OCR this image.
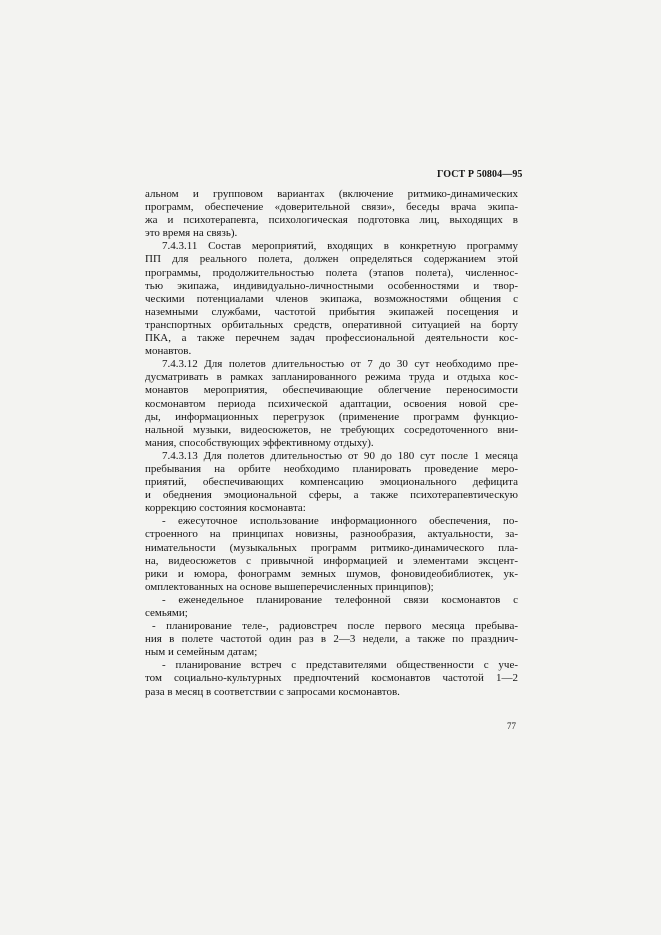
ГОСТ Р 50804—95
альном и групповом вариантах (включение ритмико-динамических
программ, обеспечение «доверительной связи», беседы врача экипа-
жа и психотерапевта, психологическая подготовка лиц, выходящих в
это время на связь).
7.4.3.11 Состав мероприятий, входящих в конкретную программу
ПП для реального полета, должен определяться содержанием этой
программы, продолжительностью полета (этапов полета), численнос-
тью экипажа, индивидуально-личностными особенностями и твор-
ческими потенциалами членов экипажа, возможностями общения с
наземными службами, частотой прибытия экипажей посещения и
транспортных орбитальных средств, оперативной ситуацией на борту
ПКА, а также перечнем задач профессиональной деятельности кос-
монавтов.
7.4.3.12 Для полетов длительностью от 7 до 30 сут необходимо пре-
дусматривать в рамках запланированного режима труда и отдыха кос-
монавтов мероприятия, обеспечивающие облегчение переносимости
космонавтом периода психической адаптации, освоения новой сре-
ды, информационных перегрузок (применение программ функцио-
нальной музыки, видеосюжетов, не требующих сосредоточенного вни-
мания, способствующих эффективному отдыху).
7.4.3.13 Для полетов длительностью от 90 до 180 сут после 1 месяца
пребывания на орбите необходимо планировать проведение меро-
приятий, обеспечивающих компенсацию эмоционального дефицита
и обеднения эмоциональной сферы, а также психотерапевтическую
коррекцию состояния космонавта:
- ежесуточное использование информационного обеспечения, по-
строенного на принципах новизны, разнообразия, актуальности, за-
нимательности (музыкальных программ ритмико-динамического пла-
на, видеосюжетов с привычной информацией и элементами эксцент-
рики и юмора, фонограмм земных шумов, фоновидеобиблиотек, ук-
омплектованных на основе вышеперечисленных принципов);
- еженедельное планирование телефонной связи космонавтов с
семьями;
- планирование теле-, радиовстреч после первого месяца пребыва-
ния в полете частотой один раз в 2—3 недели, а также по празднич-
ным и семейным датам;
- планирование встреч с представителями общественности с уче-
том социально-культурных предпочтений космонавтов частотой 1—2
раза в месяц в соответствии с запросами космонавтов.
77
